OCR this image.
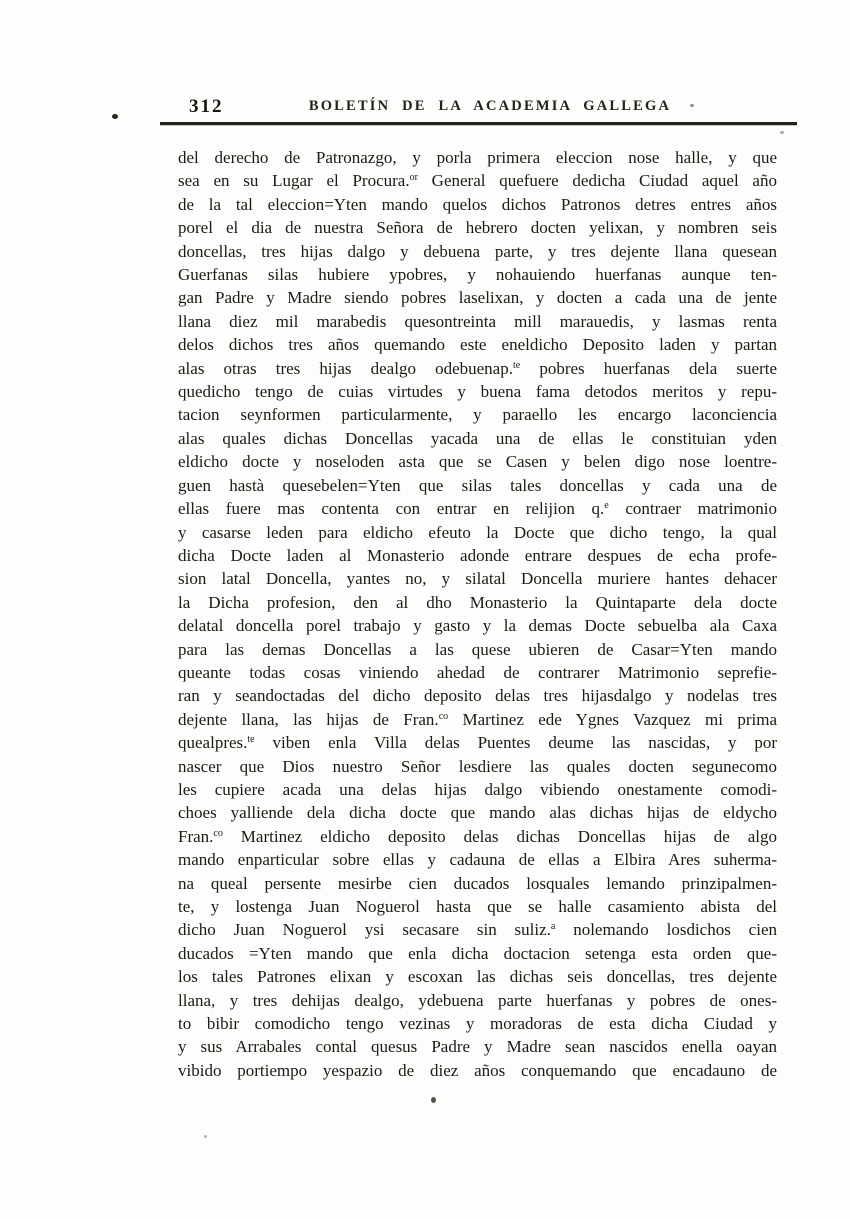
312	BOLETÍN DE LA ACADEMIA GALLEGA
del derecho de Patronazgo, y porla primera eleccion nose halle, y que
sea en su Lugar el Procura.$^{or}$ General quefuere dedicha Ciudad aquel año
de la tal eleccion=Yten mando quelos dichos Patronos detres entres años
porel el dia de nuestra Señora de hebrero docten yelixan, y nombren seis
doncellas, tres hijas dalgo y debuena parte, y tres dejente llana quesean
Guerfanas silas hubiere ypobres, y nohauiendo huerfanas aunque ten-
gan Padre y Madre siendo pobres laselixan, y docten a cada una de jente
llana diez mil marabedis quesontreinta mill marauedis, y lasmas renta
delos dichos tres años quemando este eneldicho Deposito laden y partan
alas otras tres hijas dealgo odebuenap.$^{te}$ pobres huerfanas dela suerte
quedicho tengo de cuias virtudes y buena fama detodos meritos y repu-
tacion seynformen particularmente, y paraello les encargo laconciencia
alas quales dichas Doncellas yacada una de ellas le constituian yden
eldicho docte y noseloden asta que se Casen y belen digo nose loentre-
guen hastà quesebelen=Yten que silas tales doncellas y cada una de
ellas fuere mas contenta con entrar en relijion q.$^e$ contraer matrimonio
y casarse leden para eldicho efeuto la Docte que dicho tengo, la qual
dicha Docte laden al Monasterio adonde entrare despues de echa profe-
sion latal Doncella, yantes no, y silatal Doncella muriere hantes dehacer
la Dicha profesion, den al dho Monasterio la Quintaparte dela docte
delatal doncella porel trabajo y gasto y la demas Docte sebuelba ala Caxa
para las demas Doncellas a las quese ubieren de Casar=Yten mando
queante todas cosas viniendo ahedad de contrarer Matrimonio seprefie-
ran y seandoctadas del dicho deposito delas tres hijasdalgo y nodelas tres
dejente llana, las hijas de Fran.$^{co}$ Martinez ede Ygnes Vazquez mi prima
quealpres.$^{te}$ viben enla Villa delas Puentes deume las nascidas, y por
nascer que Dios nuestro Señor lesdiere las quales docten segunecomo
les cupiere acada una delas hijas dalgo vibiendo onestamente comodi-
choes yalliende dela dicha docte que mando alas dichas hijas de eldycho
Fran.$^{co}$ Martinez eldicho deposito delas dichas Doncellas hijas de algo
mando enparticular sobre ellas y cadauna de ellas a Elbira Ares suherma-
na queal persente mesirbe cien ducados losquales lemando prinzipalmen-
te, y lostenga Juan Noguerol hasta que se halle casamiento abista del
dicho Juan Noguerol ysi secasare sin suliz.$^a$ nolemando losdichos cien
ducados =Yten mando que enla dicha doctacion setenga esta orden que-
los tales Patrones elixan y escoxan las dichas seis doncellas, tres dejente
llana, y tres dehijas dealgo, ydebuena parte huerfanas y pobres de ones-
to bibir comodicho tengo vezinas y moradoras de esta dicha Ciudad y
y sus Arrabales contal quesus Padre y Madre sean nascidos enella oayan
vibido portiempo yespazio de diez años conquemando que encadauno de
